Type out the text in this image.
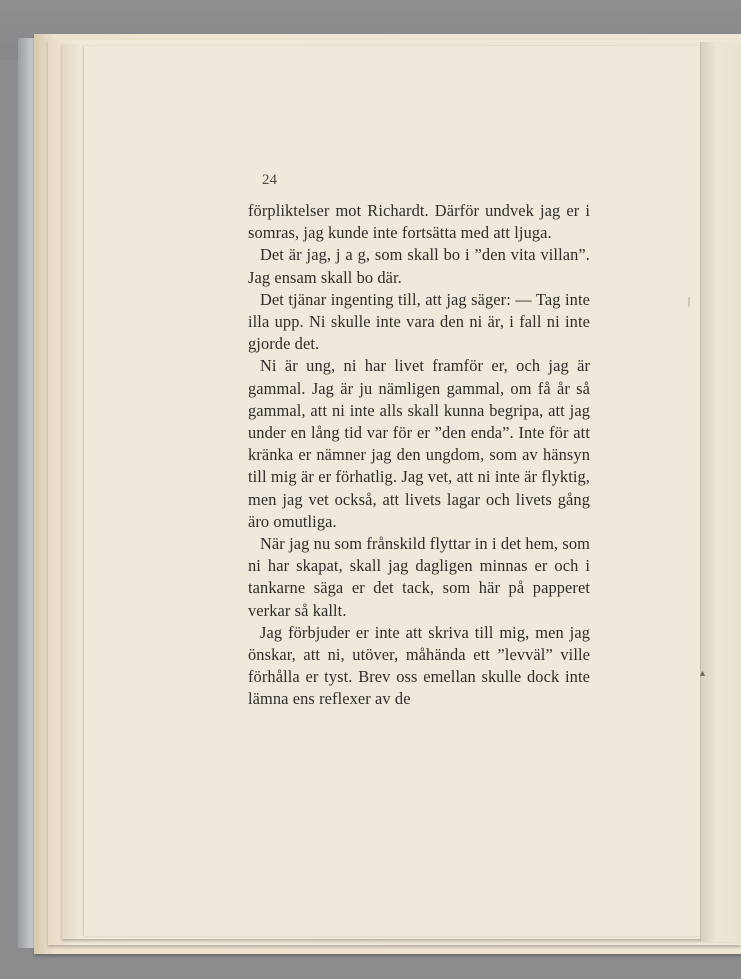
|
▴
24

förpliktelser mot Richardt. Därför undvek jag er i somras, jag kunde inte fortsätta med att ljuga.

Det är jag, j a g, som skall bo i ”den vita villan”. Jag ensam skall bo där.

Det tjänar ingenting till, att jag säger: — Tag inte illa upp. Ni skulle inte vara den ni är, i fall ni inte gjorde det.

Ni är ung, ni har livet framför er, och jag är gammal. Jag är ju nämligen gammal, om få år så gammal, att ni inte alls skall kunna begripa, att jag under en lång tid var för er ”den enda”. Inte för att kränka er nämner jag den ungdom, som av hänsyn till mig är er förhatlig. Jag vet, att ni inte är flyktig, men jag vet också, att livets lagar och livets gång äro omutliga.

När jag nu som frånskild flyttar in i det hem, som ni har skapat, skall jag dagligen minnas er och i tankarne säga er det tack, som här på papperet verkar så kallt.

Jag förbjuder er inte att skriva till mig, men jag önskar, att ni, utöver, måhända ett ”levväl” ville förhålla er tyst. Brev oss emellan skulle dock inte lämna ens reflexer av de
